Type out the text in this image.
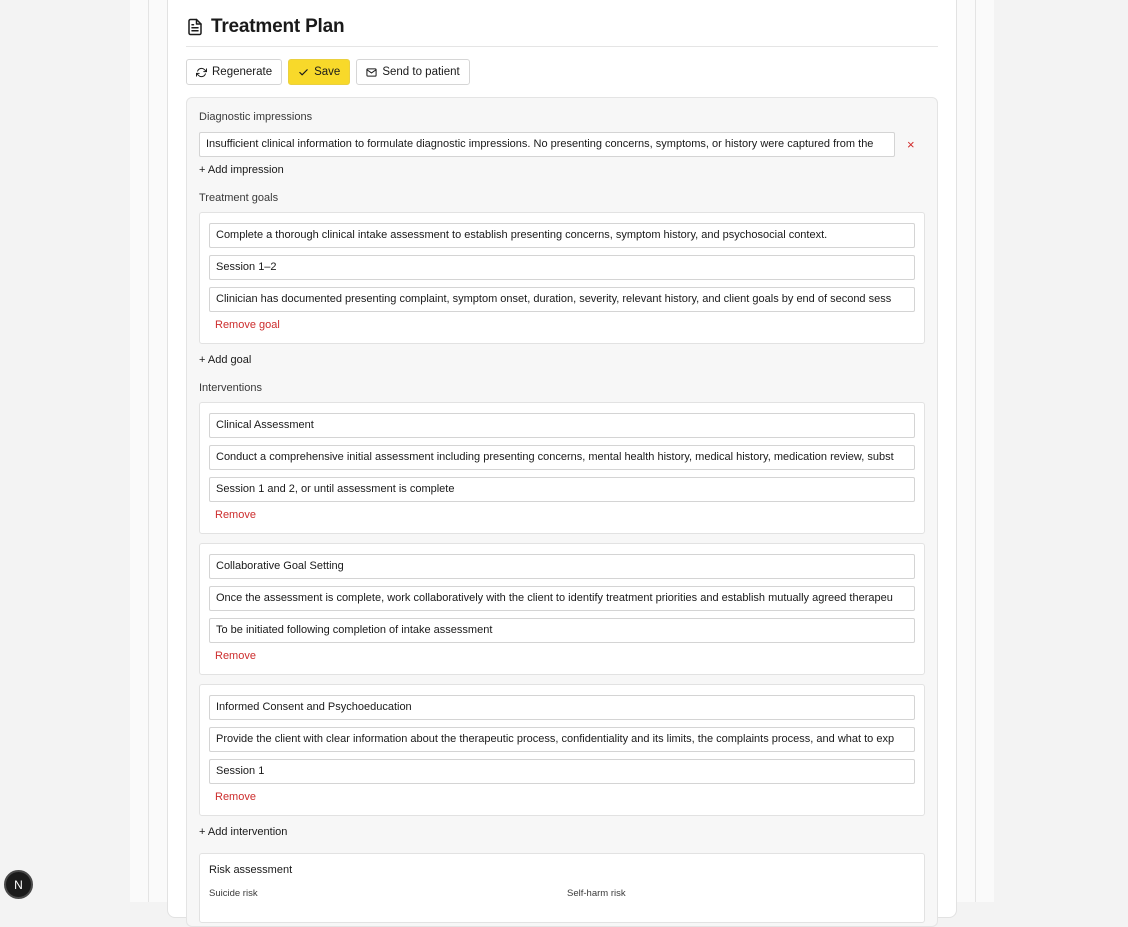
Treatment Plan
Regenerate	Save	Send to patient
Diagnostic impressions
Insufficient clinical information to formulate diagnostic impressions. No presenting concerns, symptoms, or history were captured from the	×
+ Add impression
Treatment goals
Complete a thorough clinical intake assessment to establish presenting concerns, symptom history, and psychosocial context.
Session 1–2
Clinician has documented presenting complaint, symptom onset, duration, severity, relevant history, and client goals by end of second sess
Remove goal
+ Add goal
Interventions
Clinical Assessment
Conduct a comprehensive initial assessment including presenting concerns, mental health history, medical history, medication review, subst
Session 1 and 2, or until assessment is complete
Remove
Collaborative Goal Setting
Once the assessment is complete, work collaboratively with the client to identify treatment priorities and establish mutually agreed therapeu
To be initiated following completion of intake assessment
Remove
Informed Consent and Psychoeducation
Provide the client with clear information about the therapeutic process, confidentiality and its limits, the complaints process, and what to exp
Session 1
Remove
+ Add intervention
Risk assessment
Suicide risk	Self-harm risk
N
